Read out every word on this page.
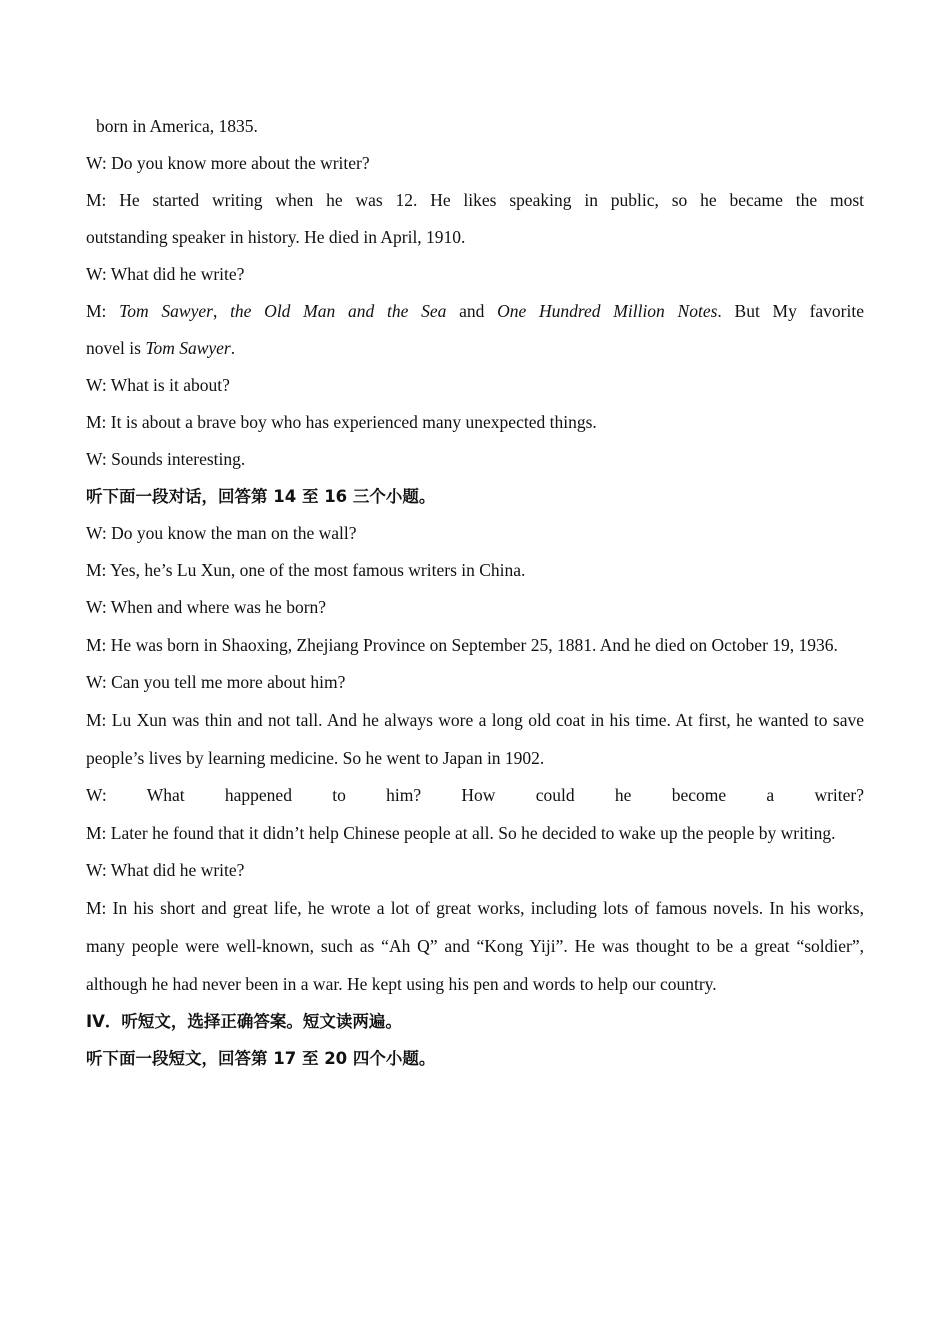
born in America, 1835.
W: Do you know more about the writer?
M: He started writing when he was 12. He likes speaking in public, so he became the most
outstanding speaker in history. He died in April, 1910.
W: What did he write?
M: Tom Sawyer, the Old Man and the Sea and One Hundred Million Notes. But My favorite
novel is Tom Sawyer.
W: What is it about?
M: It is about a brave boy who has experienced many unexpected things.
W: Sounds interesting.
听下面一段对话，回答第 14 至 16 三个小题。
W: Do you know the man on the wall?
M: Yes, he’s Lu Xun, one of the most famous writers in China.
W: When and where was he born?
M: He was born in Shaoxing, Zhejiang Province on September 25, 1881. And he died on October 19, 1936.
W: Can you tell me more about him?
M: Lu Xun was thin and not tall. And he always wore a long old coat in his time. At first, he wanted to save people’s lives by learning medicine. So he went to Japan in 1902.
W: What happened to him? How could he become a writer?
M: Later he found that it didn’t help Chinese people at all. So he decided to wake up the people by writing.
W: What did he write?
M: In his short and great life, he wrote a lot of great works, including lots of famous novels. In his works, many people were well-known, such as “Ah Q” and “Kong Yiji”. He was thought to be a great “soldier”, although he had never been in a war. He kept using his pen and words to help our country.
IV．听短文，选择正确答案。短文读两遍。
听下面一段短文，回答第 17 至 20 四个小题。
